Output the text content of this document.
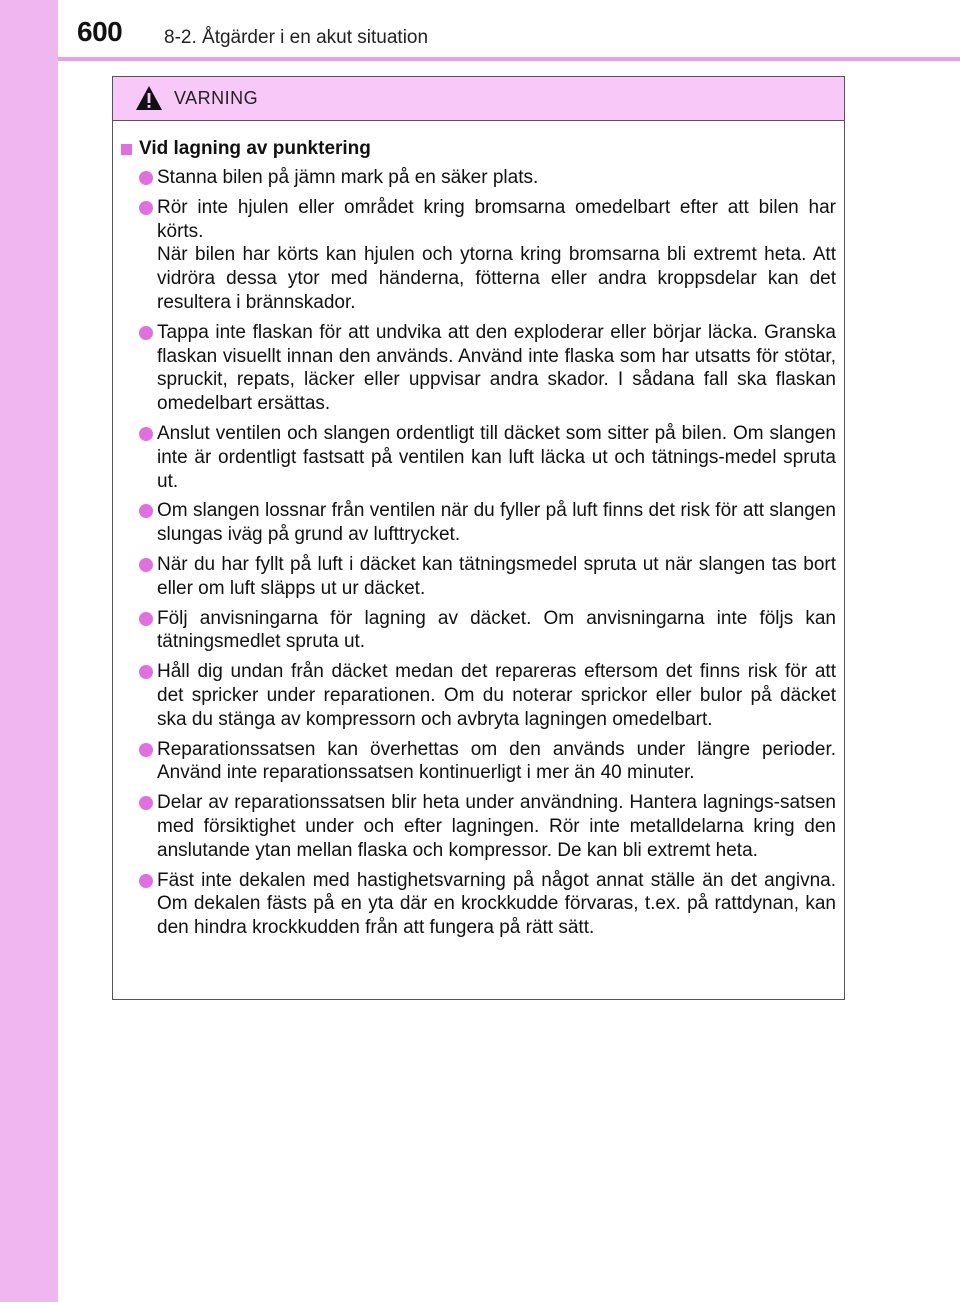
600 8-2. Åtgärder i en akut situation
VARNING
Vid lagning av punktering
Stanna bilen på jämn mark på en säker plats.
Rör inte hjulen eller området kring bromsarna omedelbart efter att bilen har körts.
När bilen har körts kan hjulen och ytorna kring bromsarna bli extremt heta. Att vidröra dessa ytor med händerna, fötterna eller andra kroppsdelar kan det resultera i brännskador.
Tappa inte flaskan för att undvika att den exploderar eller börjar läcka. Granska flaskan visuellt innan den används. Använd inte flaska som har utsatts för stötar, spruckit, repats, läcker eller uppvisar andra skador. I sådana fall ska flaskan omedelbart ersättas.
Anslut ventilen och slangen ordentligt till däcket som sitter på bilen. Om slangen inte är ordentligt fastsatt på ventilen kan luft läcka ut och tätnings-medel spruta ut.
Om slangen lossnar från ventilen när du fyller på luft finns det risk för att slangen slungas iväg på grund av lufttrycket.
När du har fyllt på luft i däcket kan tätningsmedel spruta ut när slangen tas bort eller om luft släpps ut ur däcket.
Följ anvisningarna för lagning av däcket. Om anvisningarna inte följs kan tätningsmedlet spruta ut.
Håll dig undan från däcket medan det repareras eftersom det finns risk för att det spricker under reparationen. Om du noterar sprickor eller bulor på däcket ska du stänga av kompressorn och avbryta lagningen omedelbart.
Reparationssatsen kan överhettas om den används under längre perioder. Använd inte reparationssatsen kontinuerligt i mer än 40 minuter.
Delar av reparationssatsen blir heta under användning. Hantera lagnings-satsen med försiktighet under och efter lagningen. Rör inte metalldelarna kring den anslutande ytan mellan flaska och kompressor. De kan bli extremt heta.
Fäst inte dekalen med hastighetsvarning på något annat ställe än det angivna. Om dekalen fästs på en yta där en krockkudde förvaras, t.ex. på rattdynan, kan den hindra krockkudden från att fungera på rätt sätt.
